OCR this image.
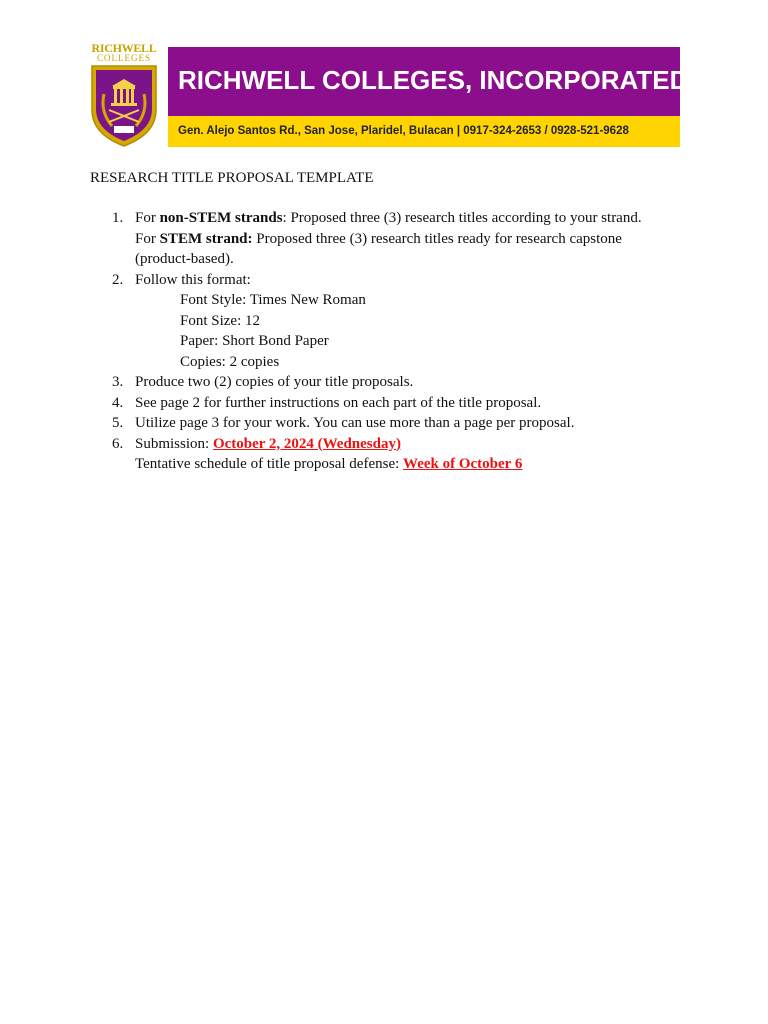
RICHWELL
COLLEGES
RICHWELL COLLEGES, INCORPORATED
Gen. Alejo Santos Rd., San Jose, Plaridel, Bulacan | 0917-324-2653 / 0928-521-9628
RESEARCH TITLE PROPOSAL TEMPLATE
1. For non-STEM strands: Proposed three (3) research titles according to your strand.
For STEM strand: Proposed three (3) research titles ready for research capstone
(product-based).
2. Follow this format:
Font Style: Times New Roman
Font Size: 12
Paper: Short Bond Paper
Copies: 2 copies
3. Produce two (2) copies of your title proposals.
4. See page 2 for further instructions on each part of the title proposal.
5. Utilize page 3 for your work. You can use more than a page per proposal.
6. Submission: October 2, 2024 (Wednesday)
Tentative schedule of title proposal defense: Week of October 6
